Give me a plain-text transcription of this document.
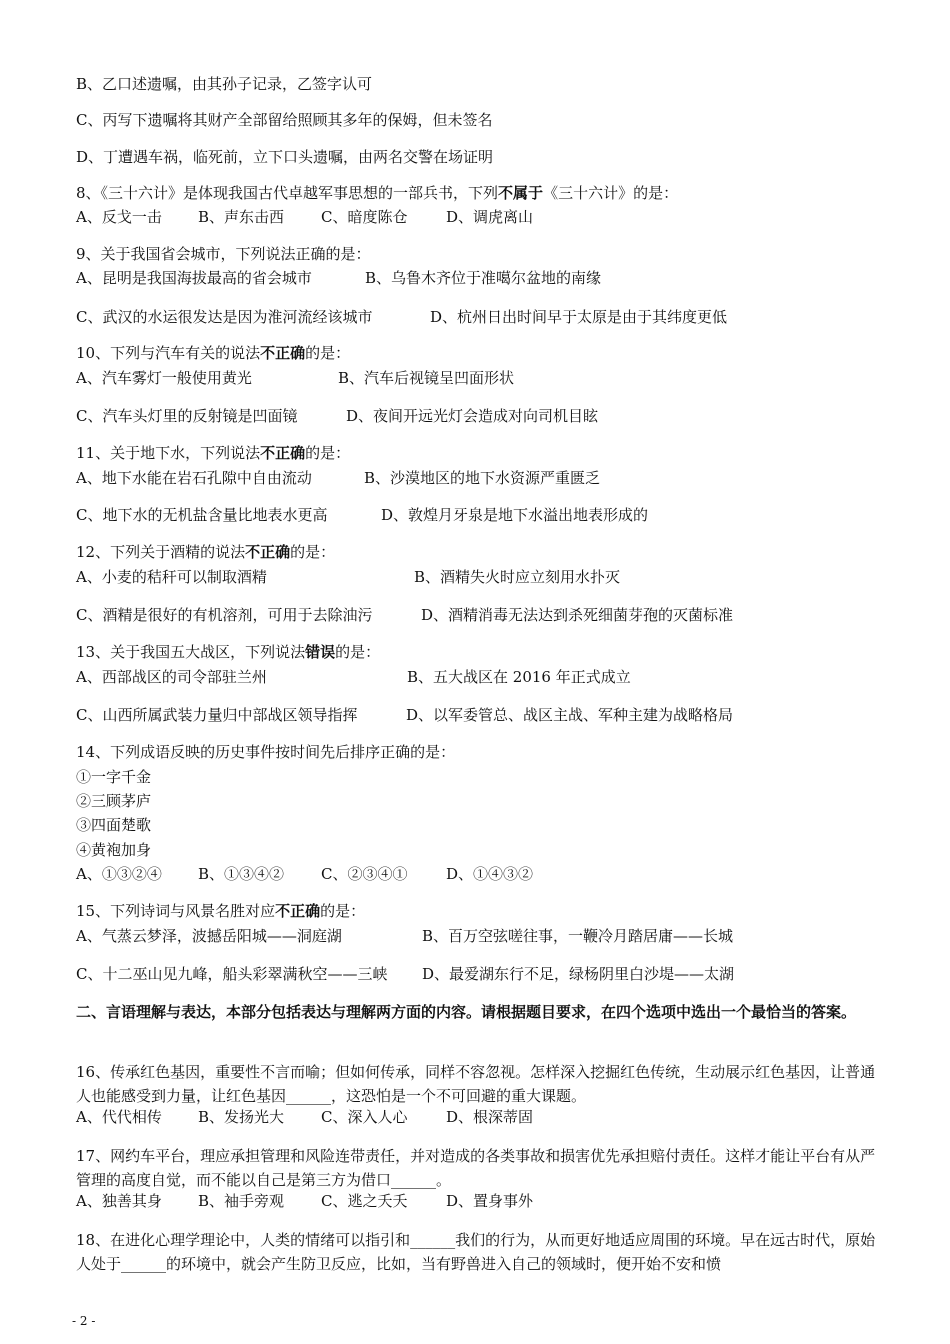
B、乙口述遗嘱，由其孙子记录，乙签字认可
C、丙写下遗嘱将其财产全部留给照顾其多年的保姆，但未签名
D、丁遭遇车祸，临死前，立下口头遗嘱，由两名交警在场证明
8、《三十六计》是体现我国古代卓越军事思想的一部兵书，下列不属于《三十六计》的是：
A、反戈一击 B、声东击西 C、暗度陈仓	D、调虎离山
9、关于我国省会城市，下列说法正确的是：
A、昆明是我国海拔最高的省会城市	B、乌鲁木齐位于准噶尔盆地的南缘
C、武汉的水运很发达是因为淮河流经该城市	D、杭州日出时间早于太原是由于其纬度更低
10、下列与汽车有关的说法不正确的是：
A、汽车雾灯一般使用黄光	B、汽车后视镜呈凹面形状
C、汽车头灯里的反射镜是凹面镜	D、夜间开远光灯会造成对向司机目眩
11、关于地下水，下列说法不正确的是：
A、地下水能在岩石孔隙中自由流动	B、沙漠地区的地下水资源严重匮乏
C、地下水的无机盐含量比地表水更高	D、敦煌月牙泉是地下水溢出地表形成的
12、下列关于酒精的说法不正确的是：
A、小麦的秸秆可以制取酒精	B、酒精失火时应立刻用水扑灭
C、酒精是很好的有机溶剂，可用于去除油污	D、酒精消毒无法达到杀死细菌芽孢的灭菌标准
13、关于我国五大战区，下列说法错误的是：
A、西部战区的司令部驻兰州	B、五大战区在 2016 年正式成立
C、山西所属武装力量归中部战区领导指挥	D、以军委管总、战区主战、军种主建为战略格局
14、下列成语反映的历史事件按时间先后排序正确的是：
①一字千金
②三顾茅庐
③四面楚歌
④黄袍加身
A、①③②④ B、①③④② C、②③④①	D、①④③②
15、下列诗词与风景名胜对应不正确的是：
A、气蒸云梦泽，波撼岳阳城——洞庭湖	B、百万空弦嗟往事，一鞭冷月踏居庸——长城
C、十二巫山见九峰，船头彩翠满秋空——三峡 D、最爱湖东行不足，绿杨阴里白沙堤——太湖
二、言语理解与表达，本部分包括表达与理解两方面的内容。请根据题目要求，在四个选项中选出一个最恰当的答案。
16、传承红色基因，重要性不言而喻；但如何传承，同样不容忽视。怎样深入挖掘红色传统，生动展示红色基因，让普通人也能感受到力量，让红色基因______，这恐怕是一个不可回避的重大课题。
A、代代相传 B、发扬光大 C、深入人心	D、根深蒂固
17、网约车平台，理应承担管理和风险连带责任，并对造成的各类事故和损害优先承担赔付责任。这样才能让平台有从严管理的高度自觉，而不能以自己是第三方为借口______。
A、独善其身 B、袖手旁观 C、逃之夭夭	D、置身事外
18、在进化心理学理论中，人类的情绪可以指引和______我们的行为，从而更好地适应周围的环境。早在远古时代，原始人处于______的环境中，就会产生防卫反应，比如，当有野兽进入自己的领域时，便开始不安和愤
- 2 -
